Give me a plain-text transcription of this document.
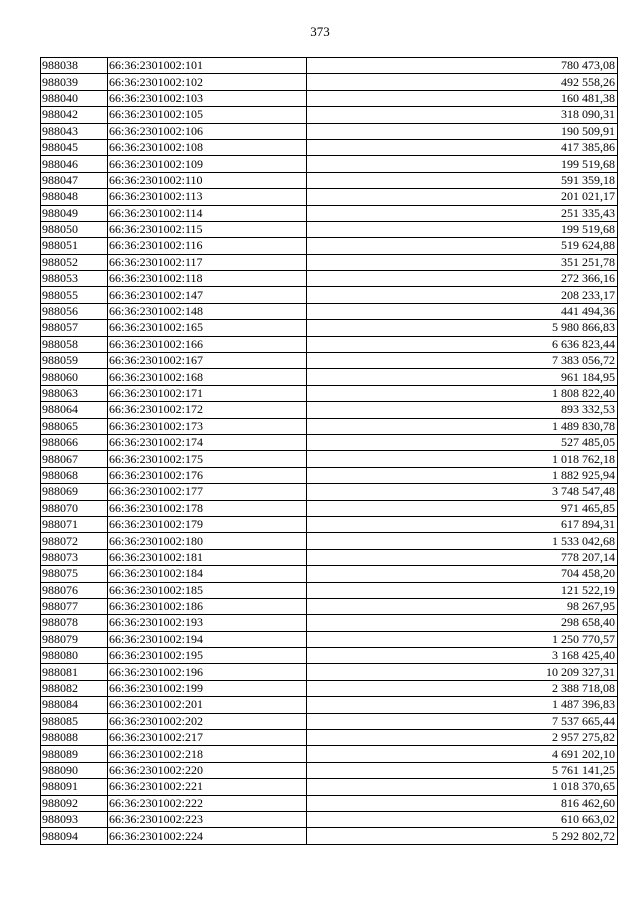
373
988038	66:36:2301002:101	780 473,08
988039	66:36:2301002:102	492 558,26
988040	66:36:2301002:103	160 481,38
988042	66:36:2301002:105	318 090,31
988043	66:36:2301002:106	190 509,91
988045	66:36:2301002:108	417 385,86
988046	66:36:2301002:109	199 519,68
988047	66:36:2301002:110	591 359,18
988048	66:36:2301002:113	201 021,17
988049	66:36:2301002:114	251 335,43
988050	66:36:2301002:115	199 519,68
988051	66:36:2301002:116	519 624,88
988052	66:36:2301002:117	351 251,78
988053	66:36:2301002:118	272 366,16
988055	66:36:2301002:147	208 233,17
988056	66:36:2301002:148	441 494,36
988057	66:36:2301002:165	5 980 866,83
988058	66:36:2301002:166	6 636 823,44
988059	66:36:2301002:167	7 383 056,72
988060	66:36:2301002:168	961 184,95
988063	66:36:2301002:171	1 808 822,40
988064	66:36:2301002:172	893 332,53
988065	66:36:2301002:173	1 489 830,78
988066	66:36:2301002:174	527 485,05
988067	66:36:2301002:175	1 018 762,18
988068	66:36:2301002:176	1 882 925,94
988069	66:36:2301002:177	3 748 547,48
988070	66:36:2301002:178	971 465,85
988071	66:36:2301002:179	617 894,31
988072	66:36:2301002:180	1 533 042,68
988073	66:36:2301002:181	778 207,14
988075	66:36:2301002:184	704 458,20
988076	66:36:2301002:185	121 522,19
988077	66:36:2301002:186	98 267,95
988078	66:36:2301002:193	298 658,40
988079	66:36:2301002:194	1 250 770,57
988080	66:36:2301002:195	3 168 425,40
988081	66:36:2301002:196	10 209 327,31
988082	66:36:2301002:199	2 388 718,08
988084	66:36:2301002:201	1 487 396,83
988085	66:36:2301002:202	7 537 665,44
988088	66:36:2301002:217	2 957 275,82
988089	66:36:2301002:218	4 691 202,10
988090	66:36:2301002:220	5 761 141,25
988091	66:36:2301002:221	1 018 370,65
988092	66:36:2301002:222	816 462,60
988093	66:36:2301002:223	610 663,02
988094	66:36:2301002:224	5 292 802,72
